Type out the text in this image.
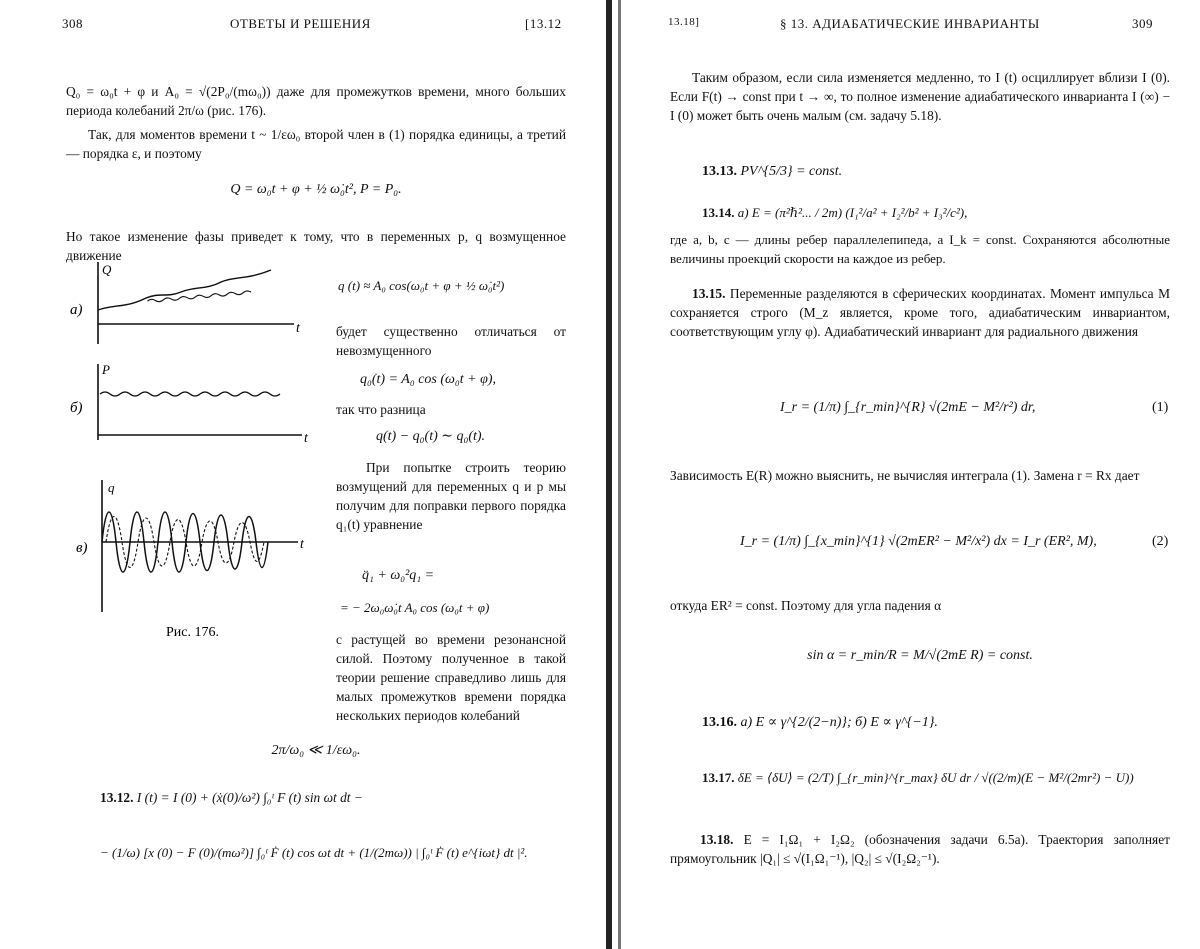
308	ОТВЕТЫ И РЕШЕНИЯ	[13.12
Q₀ = ω₀t + φ и A₀ = √(2P₀/(mω₀)) даже для промежутков времени, много больших периода колебаний 2π/ω (рис. 176).
Так, для моментов времени t ~ 1/εω₀ второй член в (1) порядка единицы, а третий — порядка ε, и поэтому
Q = ω₀t + φ + ½ ω̇₀t², P = P₀.
Но такое изменение фазы приведет к тому, что в переменных p, q возмущенное движение
Q
t
а)
P
t
б)
q
t
в)
Рис. 176.
q (t) ≈ A₀ cos(ω₀t + φ + ½ ω̇₀t²)
будет существенно отличаться от невозмущенного
q₀(t) = A₀ cos (ω₀t + φ),
так что разница
q(t) − q₀(t) ∼ q₀(t).
При попытке строить теорию возмущений для переменных q и p мы получим для поправки первого порядка q₁(t) уравнение
q̈₁ + ω₀²q₁ =
= − 2ω₀ω̇₀t A₀ cos (ω₀t + φ)
с растущей во времени резонансной силой. Поэтому полученное в такой теории решение справедливо лишь для малых промежутков времени порядка нескольких периодов колебаний
2π/ω₀ ≪ 1/εω₀.
13.12. I (t) = I (0) + (ẋ(0)/ω²) ∫₀ᵗ F (t) sin ωt dt −
− (1/ω) [x (0) − F (0)/(mω²)] ∫₀ᵗ Ḟ (t) cos ωt dt + (1/(2mω)) | ∫₀ᵗ Ḟ (t) e^{iωt} dt |².
13.18]	§ 13. АДИАБАТИЧЕСКИЕ ИНВАРИАНТЫ	309
Таким образом, если сила изменяется медленно, то I (t) осциллирует вблизи I (0). Если F(t) → const при t → ∞, то полное изменение адиабатического инварианта I (∞) − I (0) может быть очень малым (см. задачу 5.18).
13.13. PV^{5/3} = const.
13.14. а) E = (π²ℏ²... / 2m) (I₁²/a² + I₂²/b² + I₃²/c²),
где a, b, c — длины ребер параллелепипеда, а I_k = const. Сохраняются абсолютные величины проекций скорости на каждое из ребер.
13.15. Переменные разделяются в сферических координатах. Момент импульса M сохраняется строго (M_z является, кроме того, адиабатическим инвариантом, соответствующим углу φ). Адиабатический инвариант для радиального движения
I_r = (1/π) ∫_{r_min}^{R} √(2mE − M²/r²) dr,	(1)
Зависимость E(R) можно выяснить, не вычисляя интеграла (1). Замена r = Rx дает
I_r = (1/π) ∫_{x_min}^{1} √(2mER² − M²/x²) dx = I_r (ER², M),	(2)
откуда ER² = const. Поэтому для угла падения α
sin α = r_min/R = M/√(2mE R) = const.
13.16. а) E ∝ γ^{2/(2−n)}; б) E ∝ γ^{−1}.
13.17. δE = ⟨δU⟩ = (2/T) ∫_{r_min}^{r_max} δU dr / √((2/m)(E − M²/(2mr²) − U))
13.18. E = I₁Ω₁ + I₂Ω₂ (обозначения задачи 6.5а). Траектория заполняет прямоугольник |Q₁| ≤ √(I₁Ω₁⁻¹), |Q₂| ≤ √(I₂Ω₂⁻¹).
